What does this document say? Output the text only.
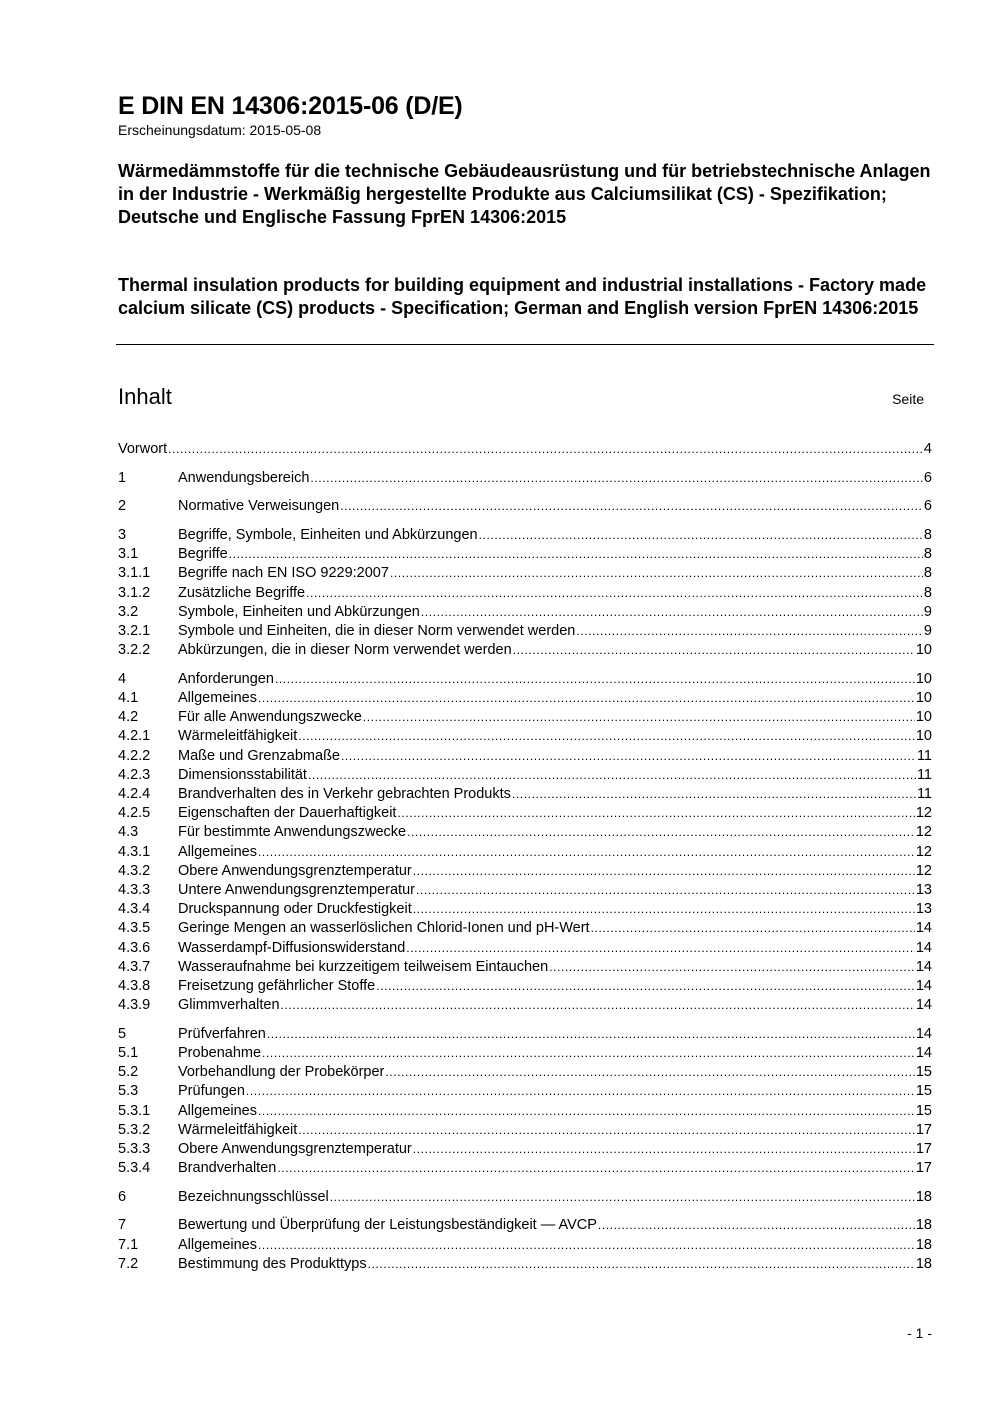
E DIN EN 14306:2015-06 (D/E)
Erscheinungsdatum: 2015-05-08
Wärmedämmstoffe für die technische Gebäudeausrüstung und für betriebstechnische Anlagen in der Industrie - Werkmäßig hergestellte Produkte aus Calciumsilikat (CS) - Spezifikation; Deutsche und Englische Fassung FprEN 14306:2015
Thermal insulation products for building equipment and industrial installations - Factory made calcium silicate (CS) products - Specification; German and English version FprEN 14306:2015
Inhalt	Seite
Vorwort .....	4
1	Anwendungsbereich .....	6
2	Normative Verweisungen .....	6
3	Begriffe, Symbole, Einheiten und Abkürzungen .....	8
3.1	Begriffe .....	8
3.1.1	Begriffe nach EN ISO 9229:2007 .....	8
3.1.2	Zusätzliche Begriffe .....	8
3.2	Symbole, Einheiten und Abkürzungen .....	9
3.2.1	Symbole und Einheiten, die in dieser Norm verwendet werden .....	9
3.2.2	Abkürzungen, die in dieser Norm verwendet werden .....	10
4	Anforderungen .....	10
4.1	Allgemeines .....	10
4.2	Für alle Anwendungszwecke .....	10
4.2.1	Wärmeleitfähigkeit .....	10
4.2.2	Maße und Grenzabmaße .....	11
4.2.3	Dimensionsstabilität .....	11
4.2.4	Brandverhalten des in Verkehr gebrachten Produkts .....	11
4.2.5	Eigenschaften der Dauerhaftigkeit .....	12
4.3	Für bestimmte Anwendungszwecke .....	12
4.3.1	Allgemeines .....	12
4.3.2	Obere Anwendungsgrenztemperatur .....	12
4.3.3	Untere Anwendungsgrenztemperatur .....	13
4.3.4	Druckspannung oder Druckfestigkeit .....	13
4.3.5	Geringe Mengen an wasserlöslichen Chlorid-Ionen und pH-Wert .....	14
4.3.6	Wasserdampf-Diffusionswiderstand .....	14
4.3.7	Wasseraufnahme bei kurzzeitigem teilweisem Eintauchen .....	14
4.3.8	Freisetzung gefährlicher Stoffe .....	14
4.3.9	Glimmverhalten .....	14
5	Prüfverfahren .....	14
5.1	Probenahme .....	14
5.2	Vorbehandlung der Probekörper .....	15
5.3	Prüfungen .....	15
5.3.1	Allgemeines .....	15
5.3.2	Wärmeleitfähigkeit .....	17
5.3.3	Obere Anwendungsgrenztemperatur .....	17
5.3.4	Brandverhalten .....	17
6	Bezeichnungsschlüssel .....	18
7	Bewertung und Überprüfung der Leistungsbeständigkeit — AVCP .....	18
7.1	Allgemeines .....	18
7.2	Bestimmung des Produkttyps .....	18
- 1 -
